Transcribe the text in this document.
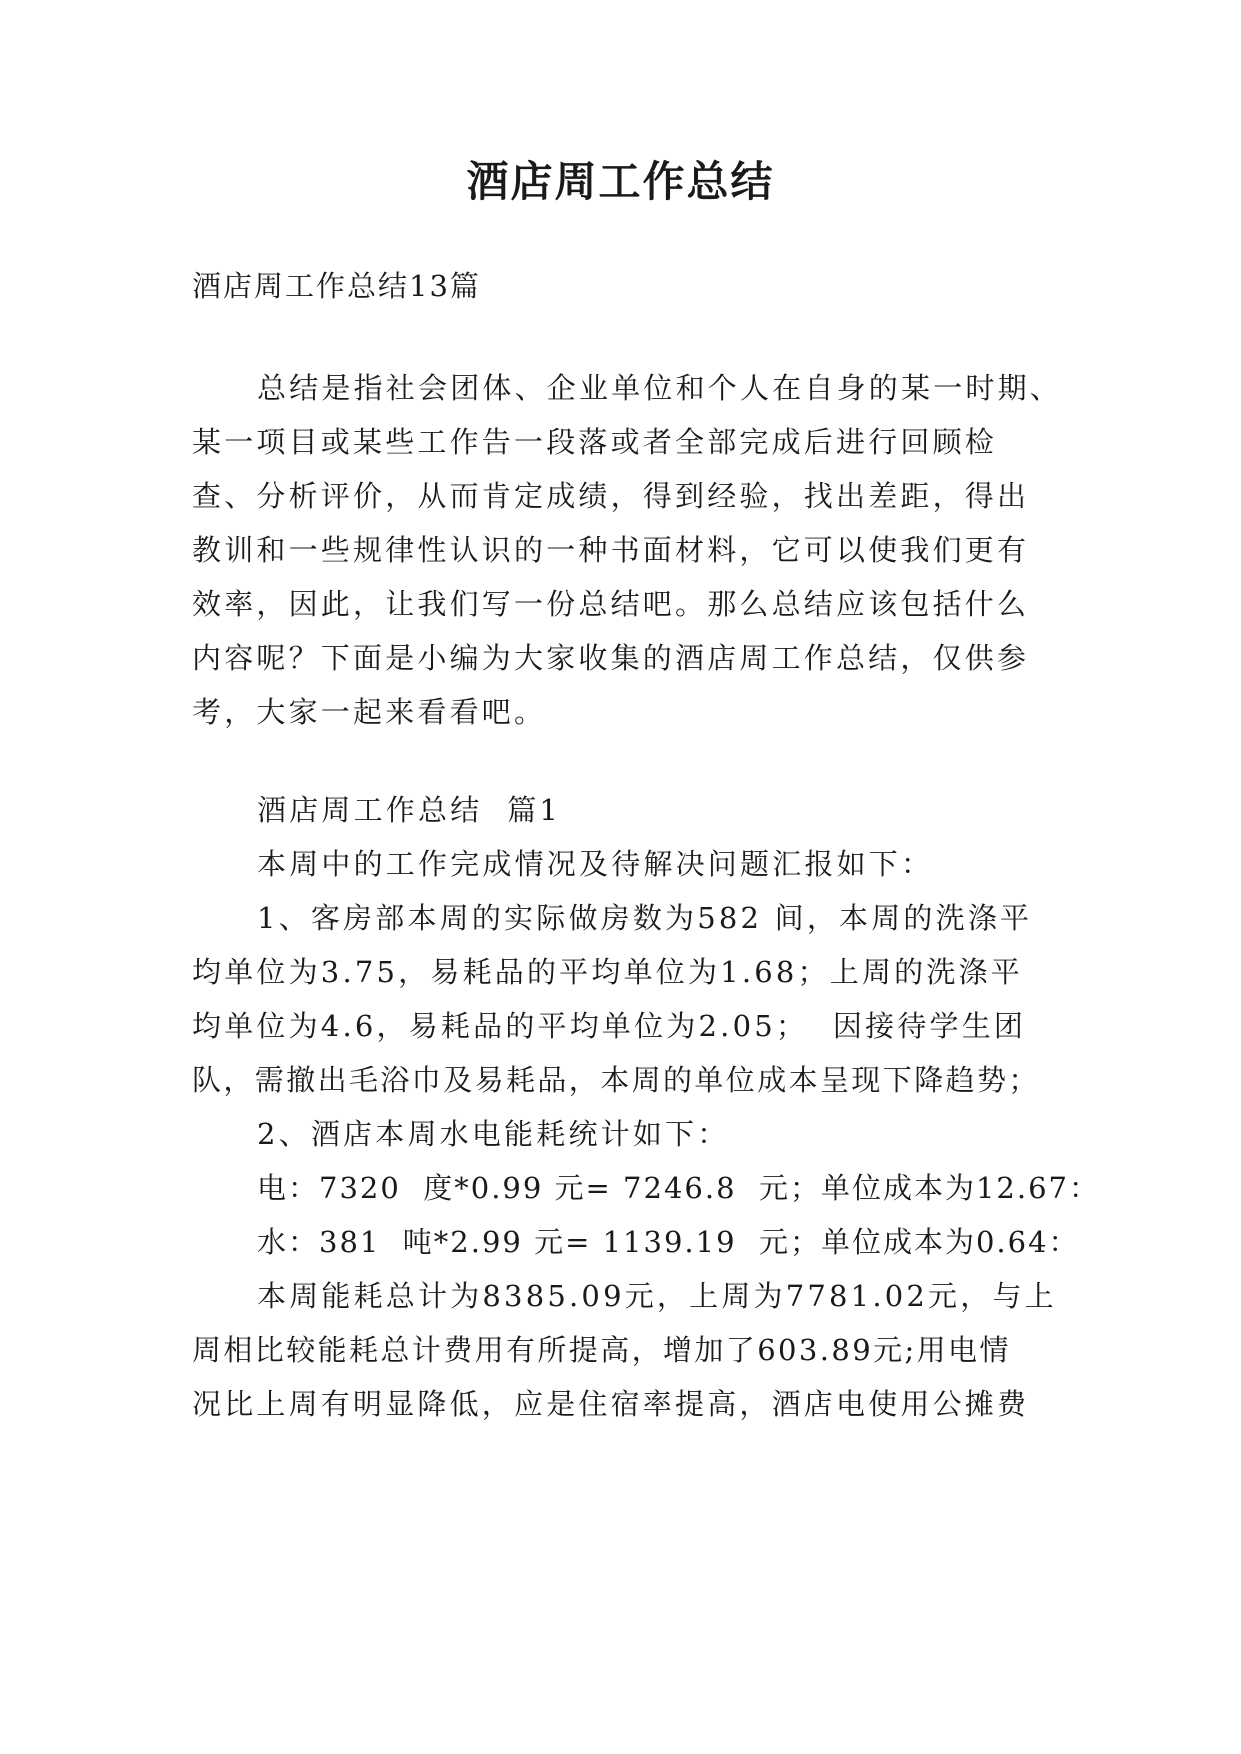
酒店周工作总结
酒店周工作总结13篇
总结是指社会团体、企业单位和个人在自身的某一时期、
某一项目或某些工作告一段落或者全部完成后进行回顾检
查、分析评价，从而肯定成绩，得到经验，找出差距，得出
教训和一些规律性认识的一种书面材料，它可以使我们更有
效率，因此，让我们写一份总结吧。那么总结应该包括什么
内容呢？下面是小编为大家收集的酒店周工作总结，仅供参
考，大家一起来看看吧。
酒店周工作总结  篇1
本周中的工作完成情况及待解决问题汇报如下：
1、客房部本周的实际做房数为582 间，本周的洗涤平
均单位为3.75，易耗品的平均单位为1.68；上周的洗涤平
均单位为4.6，易耗品的平均单位为2.05；  因接待学生团
队，需撤出毛浴巾及易耗品，本周的单位成本呈现下降趋势；
2、酒店本周水电能耗统计如下：
电：7320  度*0.99 元= 7246.8  元；单位成本为12.67：
水：381  吨*2.99 元= 1139.19  元；单位成本为0.64：
本周能耗总计为8385.09元，上周为7781.02元，与上
周相比较能耗总计费用有所提高，增加了603.89元;用电情
况比上周有明显降低，应是住宿率提高，酒店电使用公摊费
